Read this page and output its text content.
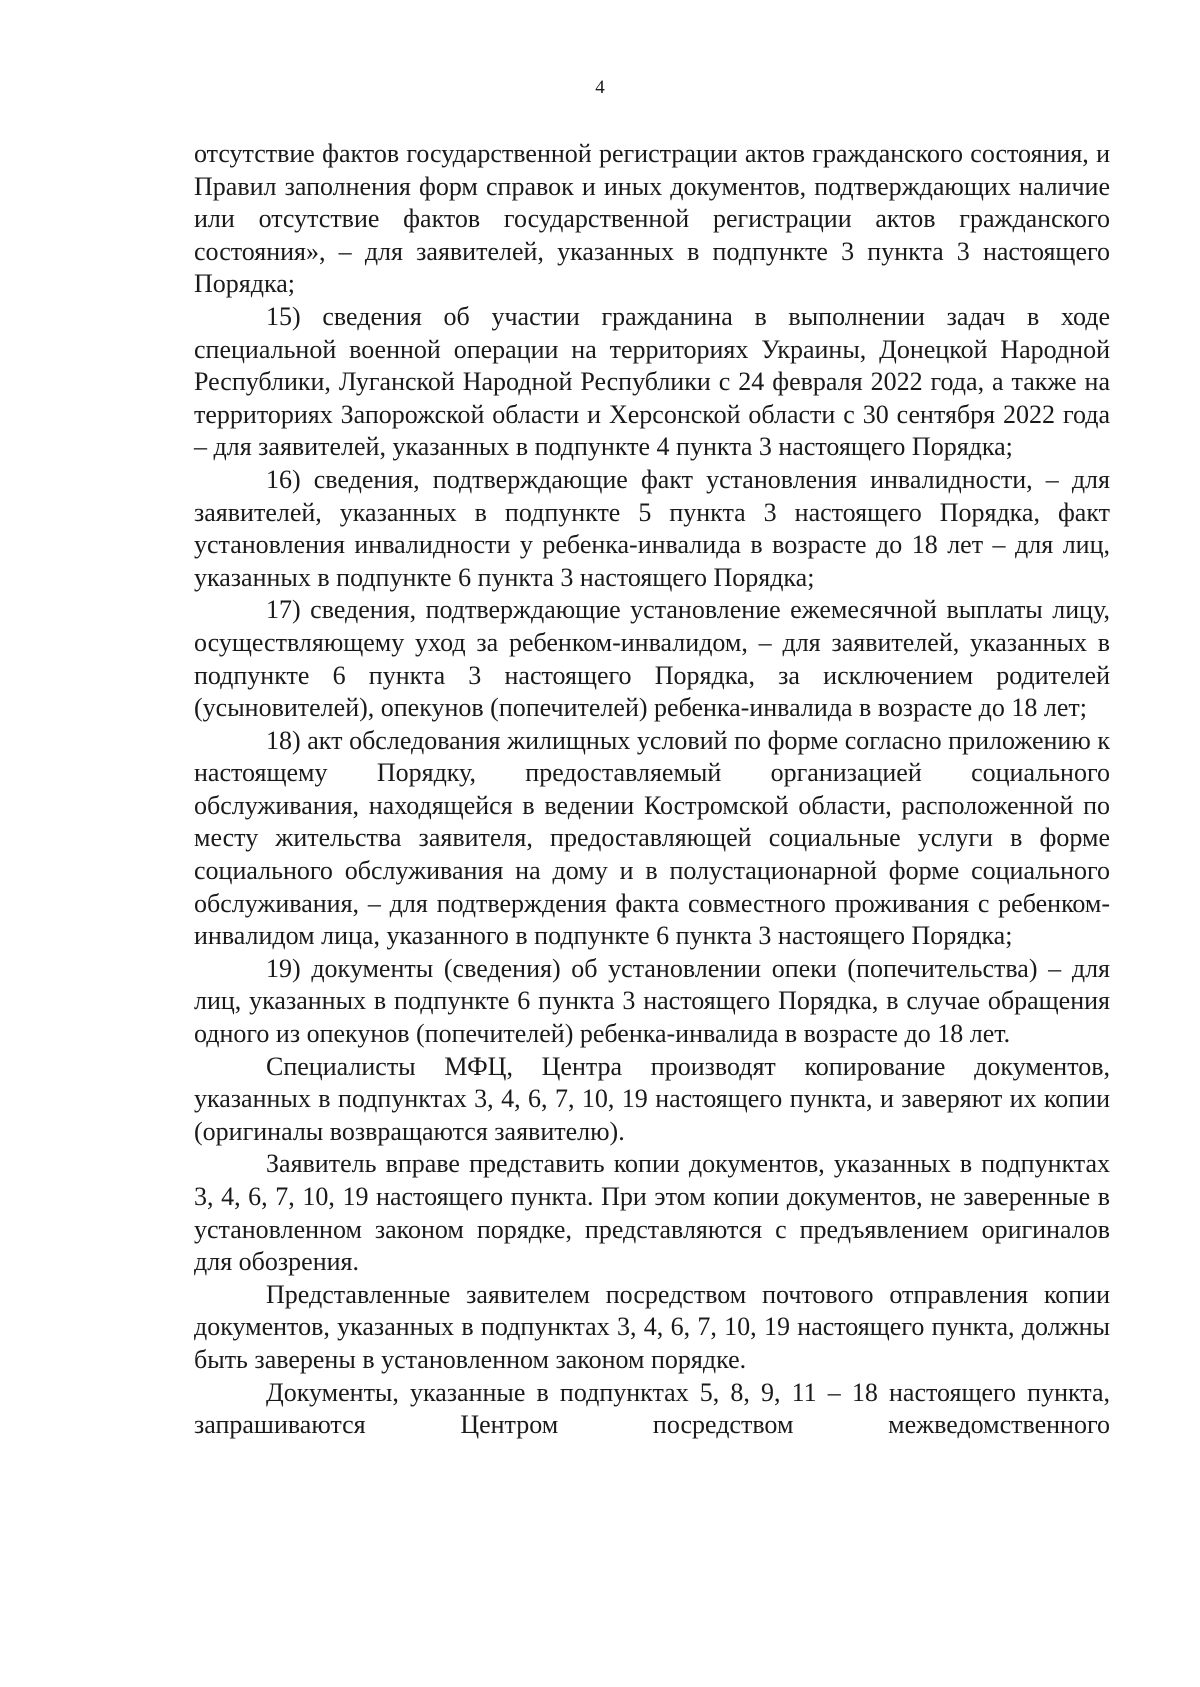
4

отсутствие фактов государственной регистрации актов гражданского состояния, и Правил заполнения форм справок и иных документов, подтверждающих наличие или отсутствие фактов государственной регистрации актов гражданского состояния», – для заявителей, указанных в подпункте 3 пункта 3 настоящего Порядка;

15) сведения об участии гражданина в выполнении задач в ходе специальной военной операции на территориях Украины, Донецкой Народной Республики, Луганской Народной Республики с 24 февраля 2022 года, а также на территориях Запорожской области и Херсонской области с 30 сентября 2022 года – для заявителей, указанных в подпункте 4 пункта 3 настоящего Порядка;

16) сведения, подтверждающие факт установления инвалидности, – для заявителей, указанных в подпункте 5 пункта 3 настоящего Порядка, факт установления инвалидности у ребенка-инвалида в возрасте до 18 лет – для лиц, указанных в подпункте 6 пункта 3 настоящего Порядка;

17) сведения, подтверждающие установление ежемесячной выплаты лицу, осуществляющему уход за ребенком-инвалидом, – для заявителей, указанных в подпункте 6 пункта 3 настоящего Порядка, за исключением родителей (усыновителей), опекунов (попечителей) ребенка-инвалида в возрасте до 18 лет;

18) акт обследования жилищных условий по форме согласно приложению к настоящему Порядку, предоставляемый организацией социального обслуживания, находящейся в ведении Костромской области, расположенной по месту жительства заявителя, предоставляющей социальные услуги в форме социального обслуживания на дому и в полустационарной форме социального обслуживания, – для подтверждения факта совместного проживания с ребенком-инвалидом лица, указанного в подпункте 6 пункта 3 настоящего Порядка;

19) документы (сведения) об установлении опеки (попечительства) – для лиц, указанных в подпункте 6 пункта 3 настоящего Порядка, в случае обращения одного из опекунов (попечителей) ребенка-инвалида в возрасте до 18 лет.

Специалисты МФЦ, Центра производят копирование документов, указанных в подпунктах 3, 4, 6, 7, 10, 19 настоящего пункта, и заверяют их копии (оригиналы возвращаются заявителю).

Заявитель вправе представить копии документов, указанных в подпунктах 3, 4, 6, 7, 10, 19 настоящего пункта. При этом копии документов, не заверенные в установленном законом порядке, представляются с предъявлением оригиналов для обозрения.

Представленные заявителем посредством почтового отправления копии документов, указанных в подпунктах 3, 4, 6, 7, 10, 19 настоящего пункта, должны быть заверены в установленном законом порядке.

Документы, указанные в подпунктах 5, 8, 9, 11 – 18 настоящего пункта, запрашиваются Центром посредством межведомственного
